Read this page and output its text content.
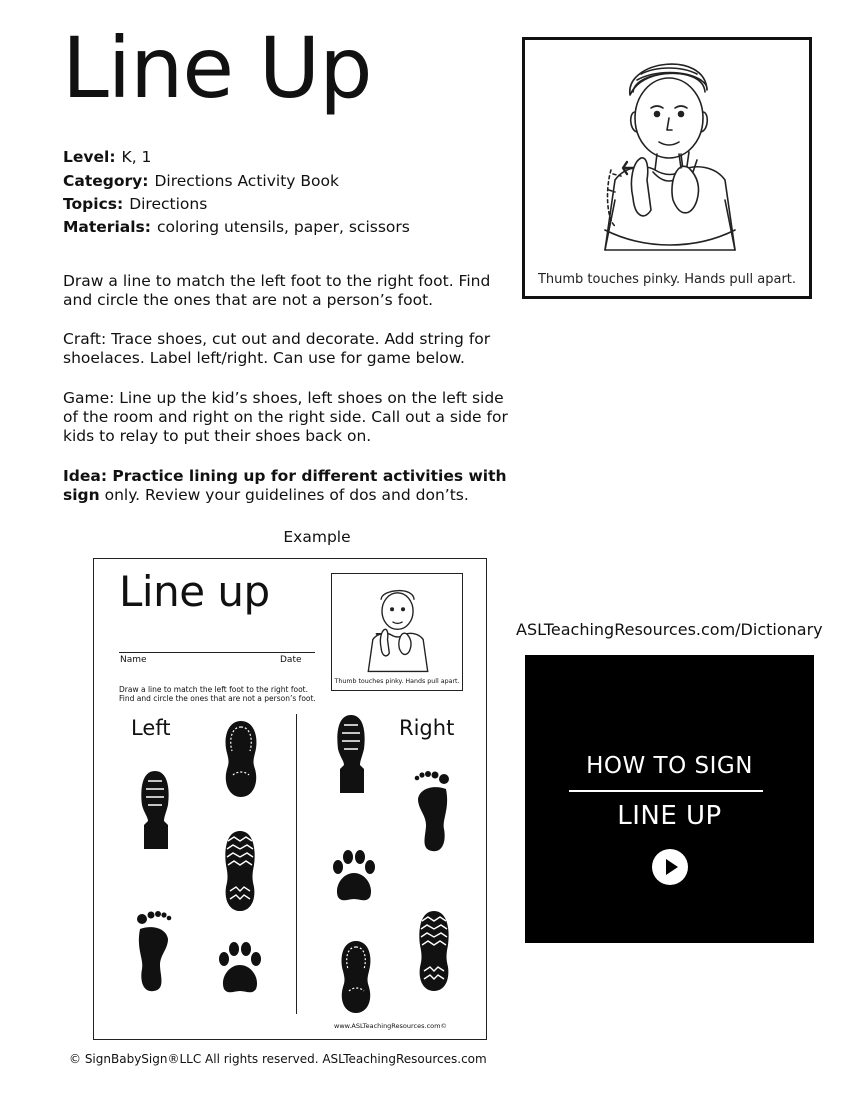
Line Up
Level: K, 1
Category: Directions Activity Book
Topics: Directions
Materials: coloring utensils, paper, scissors
Draw a line to match the left foot to the right foot. Find and circle the ones that are not a person’s foot.
Craft: Trace shoes, cut out and decorate. Add string for shoelaces. Label left/right. Can use for game below.
Game: Line up the kid’s shoes, left shoes on the left side of the room and right on the right side. Call out a side for kids to relay to put their shoes back on.
Idea: Practice lining up for different activities with sign only. Review your guidelines of dos and don’ts.
Thumb touches pinky. Hands pull apart.
Example
Line up
Name	Date
Draw a line to match the left foot to the right foot. Find and circle the ones that are not a person’s foot.
Left	Right
Thumb touches pinky. Hands pull apart.
www.ASLTeachingResources.com©
ASLTeachingResources.com/Dictionary
HOW TO SIGN
LINE UP
© SignBabySign®LLC All rights reserved. ASLTeachingResources.com
